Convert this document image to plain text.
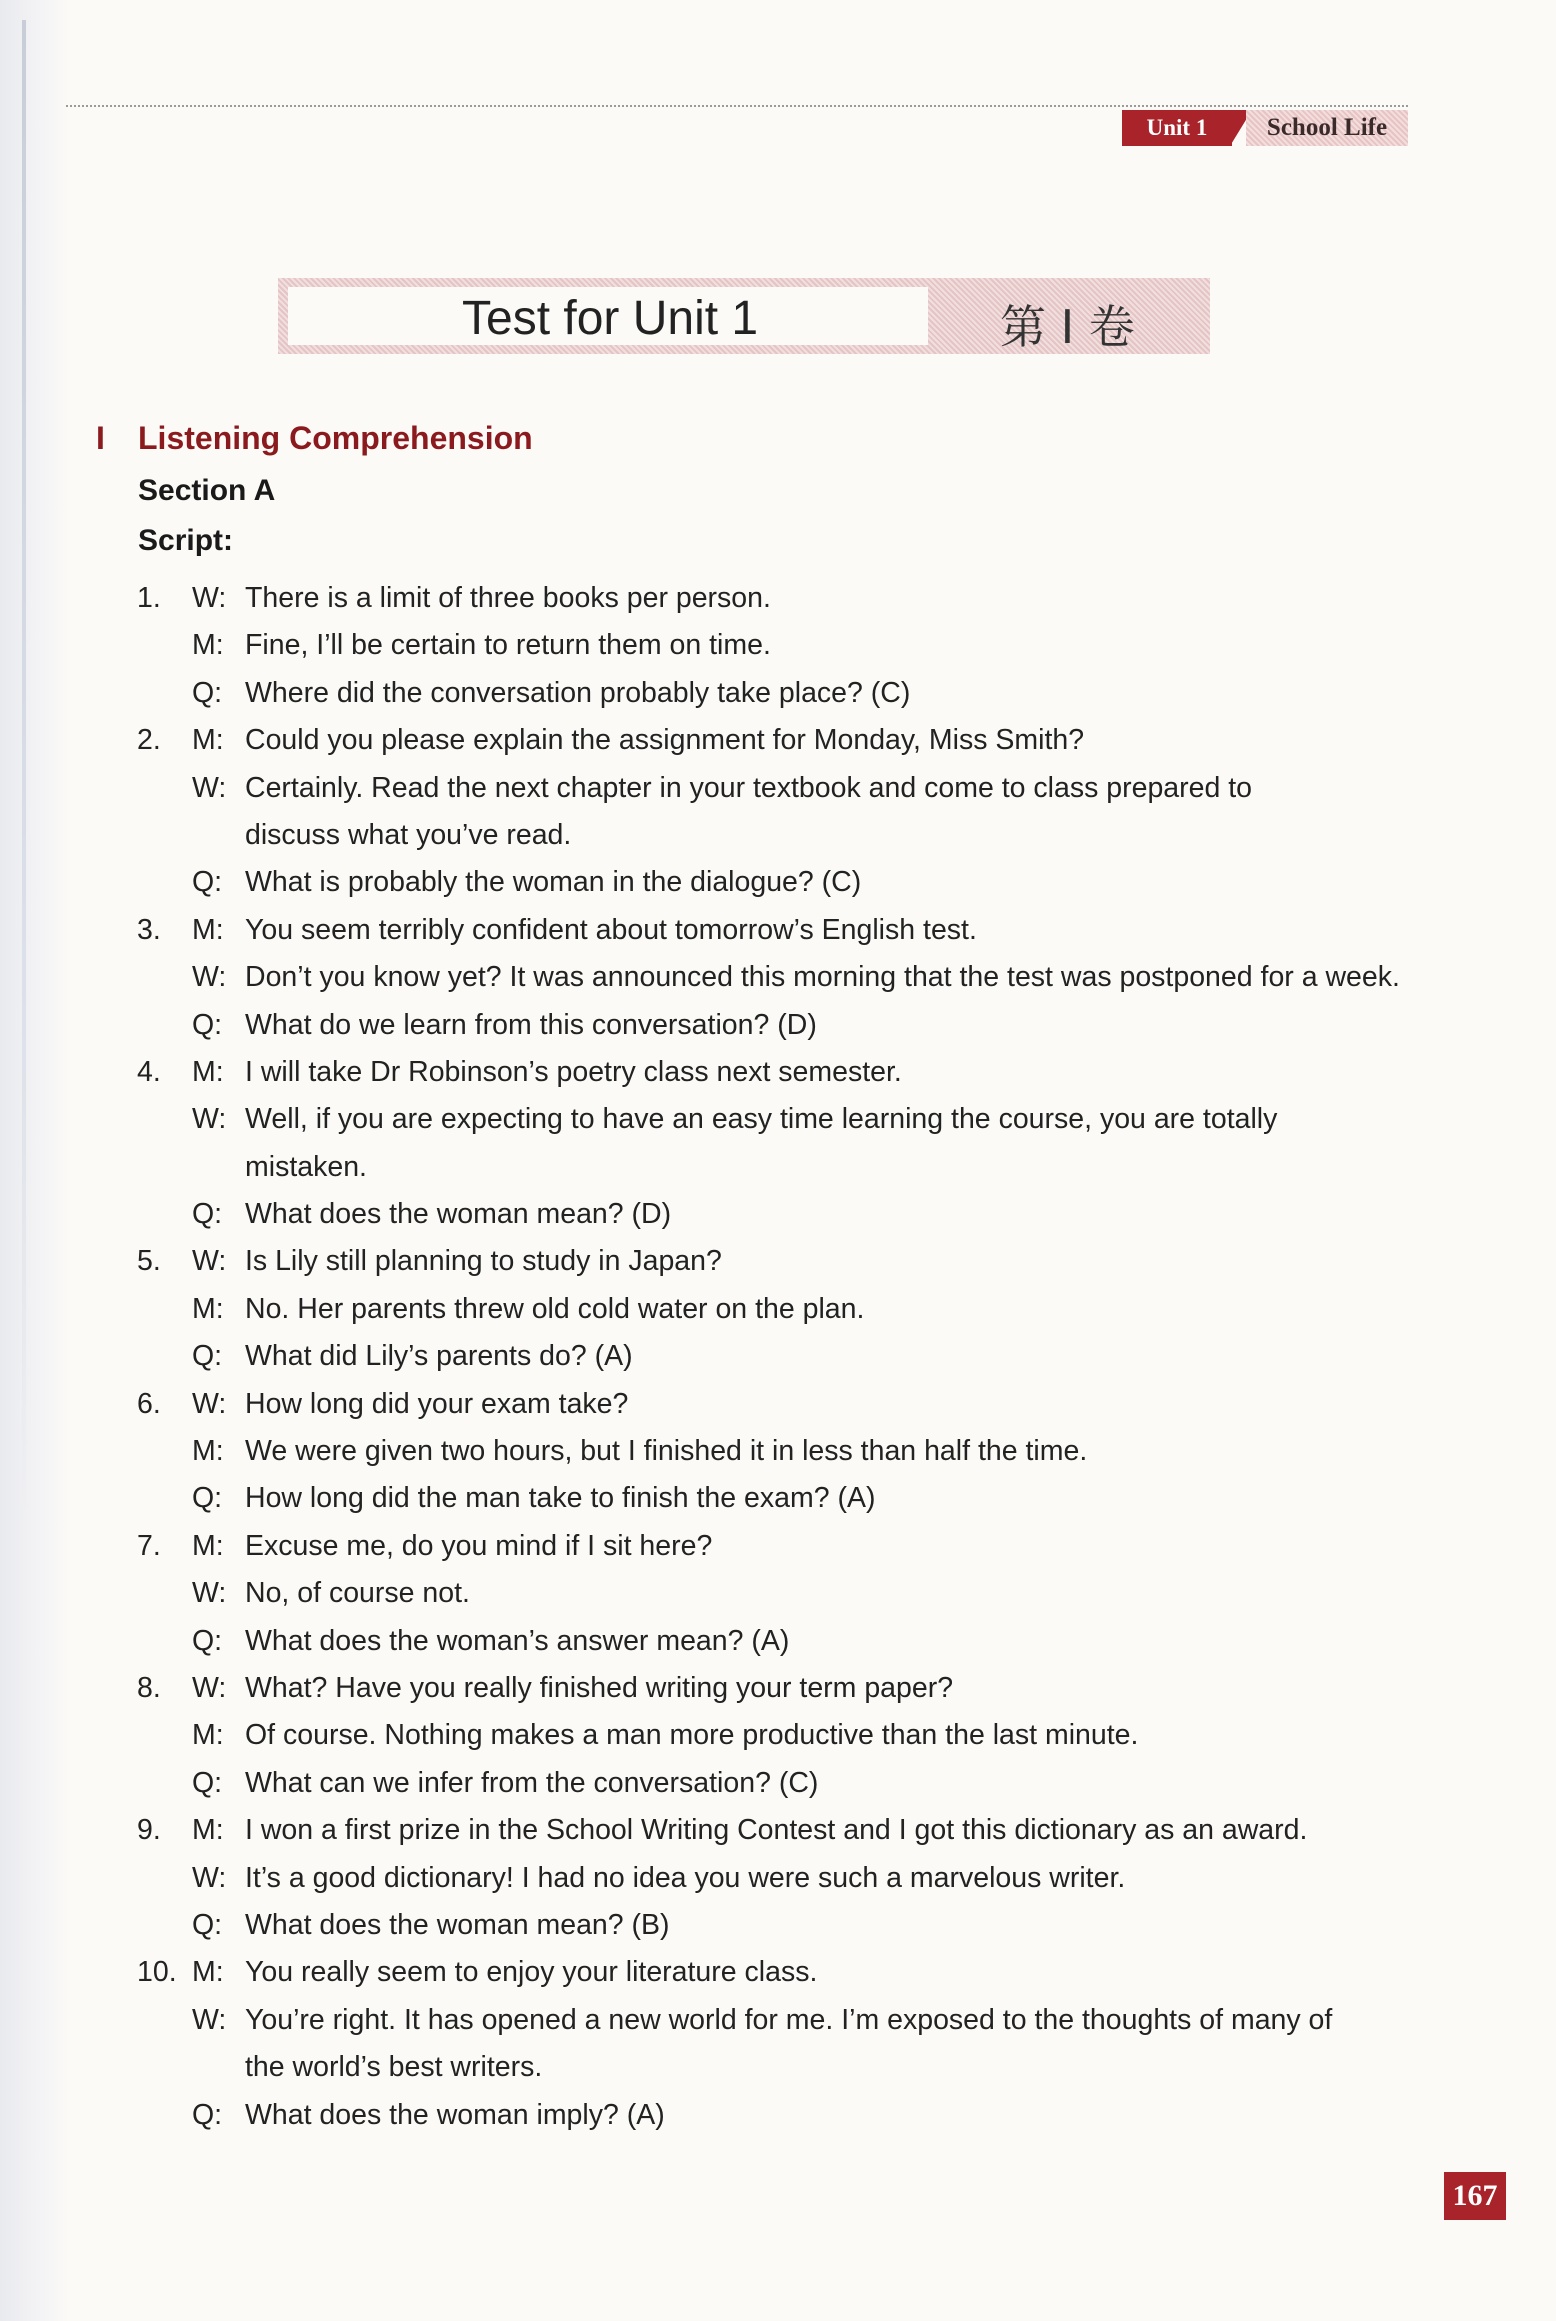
Unit 1	School Life
Test for Unit 1	第 I 卷
I Listening Comprehension
Section A
Script:
1. W: There is a limit of three books per person.
M: Fine, I’ll be certain to return them on time.
Q: Where did the conversation probably take place? (C)
2. M: Could you please explain the assignment for Monday, Miss Smith?
W: Certainly. Read the next chapter in your textbook and come to class prepared to
discuss what you’ve read.
Q: What is probably the woman in the dialogue? (C)
3. M: You seem terribly confident about tomorrow’s English test.
W: Don’t you know yet? It was announced this morning that the test was postponed for a week.
Q: What do we learn from this conversation? (D)
4. M: I will take Dr Robinson’s poetry class next semester.
W: Well, if you are expecting to have an easy time learning the course, you are totally
mistaken.
Q: What does the woman mean? (D)
5. W: Is Lily still planning to study in Japan?
M: No. Her parents threw old cold water on the plan.
Q: What did Lily’s parents do? (A)
6. W: How long did your exam take?
M: We were given two hours, but I finished it in less than half the time.
Q: How long did the man take to finish the exam? (A)
7. M: Excuse me, do you mind if I sit here?
W: No, of course not.
Q: What does the woman’s answer mean? (A)
8. W: What? Have you really finished writing your term paper?
M: Of course. Nothing makes a man more productive than the last minute.
Q: What can we infer from the conversation? (C)
9. M: I won a first prize in the School Writing Contest and I got this dictionary as an award.
W: It’s a good dictionary! I had no idea you were such a marvelous writer.
Q: What does the woman mean? (B)
10. M: You really seem to enjoy your literature class.
W: You’re right. It has opened a new world for me. I’m exposed to the thoughts of many of
the world’s best writers.
Q: What does the woman imply? (A)
167
